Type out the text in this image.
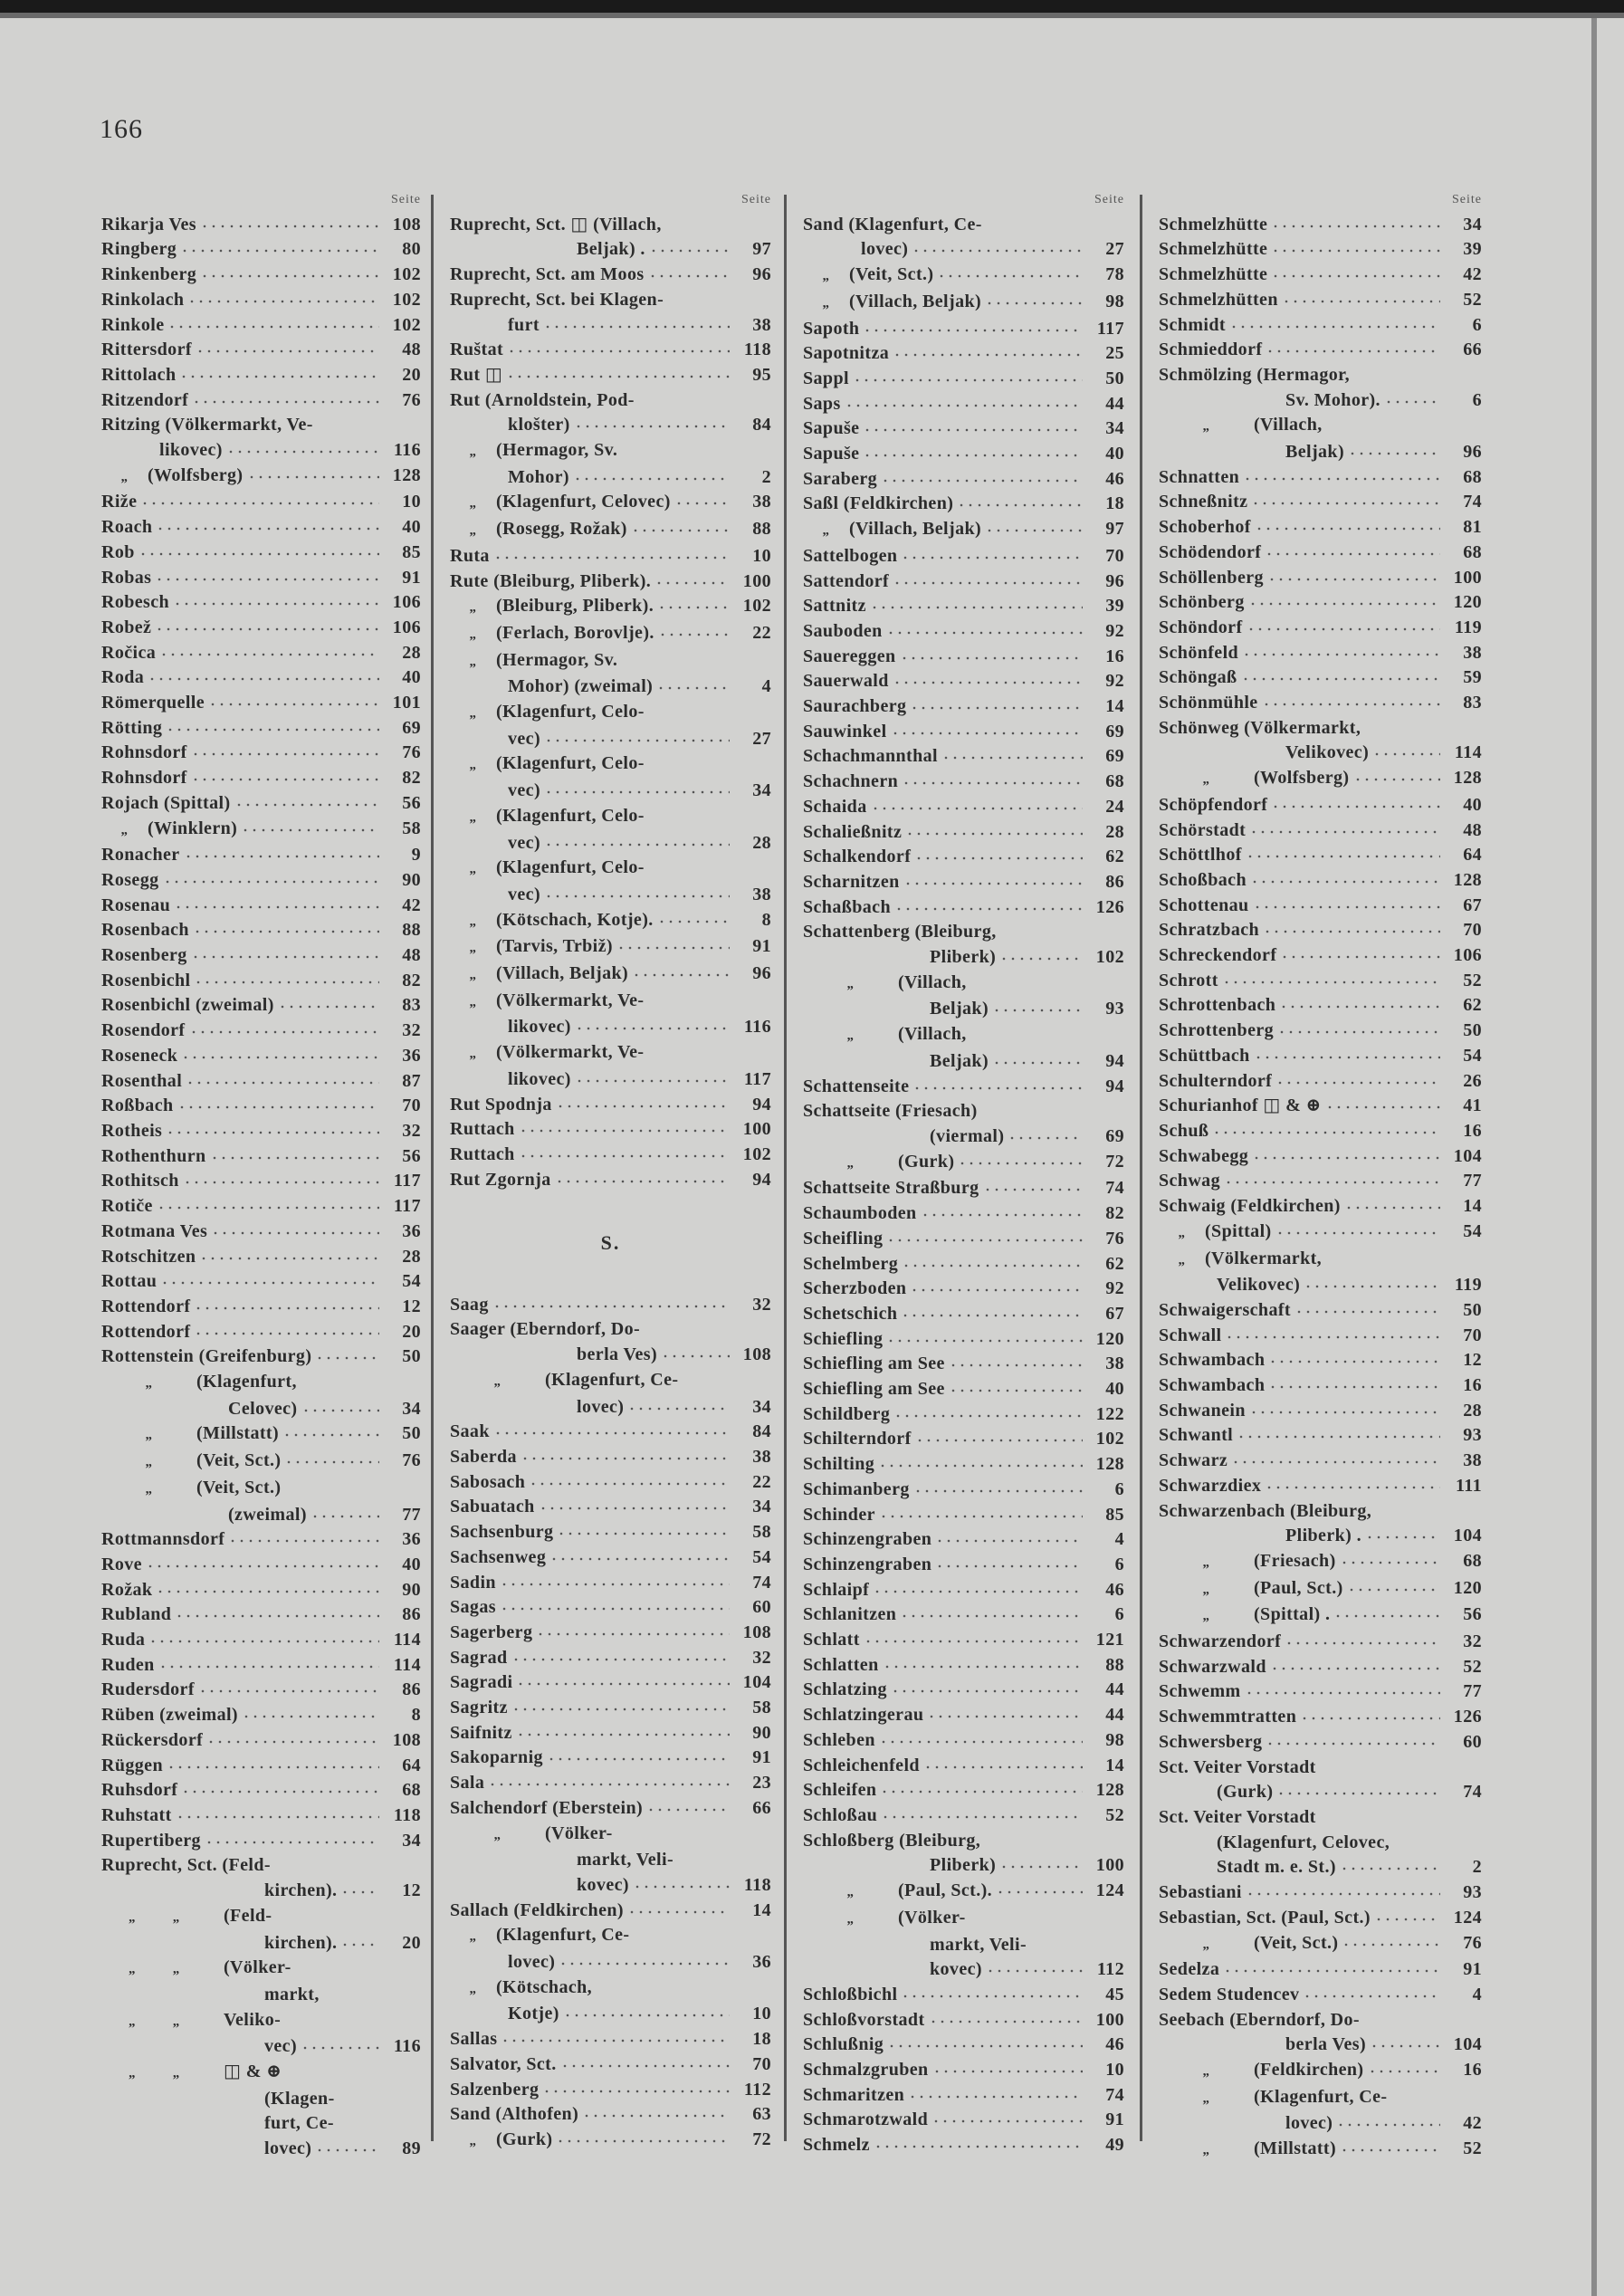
166
Seite
Rikarja Ves	108
Ringberg	80
Rinkenberg	102
Rinkolach	102
Rinkole	102
Rittersdorf	48
Rittolach	20
Ritzendorf	76
Ritzing (Völkermarkt, Ve-
likovec)	116
„	(Wolfsberg)	128
Riže	10
Roach	40
Rob	85
Robas	91
Robesch	106
Robež	106
Ročica	28
Roda	40
Römerquelle	101
Rötting	69
Rohnsdorf	76
Rohnsdorf	82
Rojach (Spittal)	56
„	(Winklern)	58
Ronacher	9
Rosegg	90
Rosenau	42
Rosenbach	88
Rosenberg	48
Rosenbichl	82
Rosenbichl (zweimal)	83
Rosendorf	32
Roseneck	36
Rosenthal	87
Roßbach	70
Rotheis	32
Rothenthurn	56
Rothitsch	117
Rotiče	117
Rotmana Ves	36
Rotschitzen	28
Rottau	54
Rottendorf	12
Rottendorf	20
Rottenstein (Greifenburg)	50
„	(Klagenfurt,
Celovec)	34
„	(Millstatt)	50
„	(Veit, Sct.)	76
„	(Veit, Sct.)
(zweimal)	77
Rottmannsdorf	36
Rove	40
Rožak	90
Rubland	86
Ruda	114
Ruden	114
Rudersdorf	86
Rüben (zweimal)	8
Rückersdorf	108
Rüggen	64
Ruhsdorf	68
Ruhstatt	118
Rupertiberg	34
Ruprecht, Sct. (Feld-
kirchen).	12
„ „	(Feld-
kirchen).	20
„ „	(Völker-
markt,
„ „	Veliko-
vec)	116
„ „	◫ & ⊕
(Klagen-
furt, Ce-
lovec)	89
Seite
Ruprecht, Sct. ◫ (Villach,
Beljak) .	97
Ruprecht, Sct. am Moos	96
Ruprecht, Sct. bei Klagen-
furt	38
Ruštat	118
Rut ◫	95
Rut (Arnoldstein, Pod-
klošter)	84
„	(Hermagor, Sv.
Mohor)	2
„	(Klagenfurt, Celovec)	38
„	(Rosegg, Rožak)	88
Ruta	10
Rute (Bleiburg, Pliberk).	100
„	(Bleiburg, Pliberk).	102
„	(Ferlach, Borovlje).	22
„	(Hermagor, Sv.
Mohor) (zweimal)	4
„	(Klagenfurt, Celo-
vec)	27
„	(Klagenfurt, Celo-
vec)	34
„	(Klagenfurt, Celo-
vec)	28
„	(Klagenfurt, Celo-
vec)	38
„	(Kötschach, Kotje).	8
„	(Tarvis, Trbiž)	91
„	(Villach, Beljak)	96
„	(Völkermarkt, Ve-
likovec)	116
„	(Völkermarkt, Ve-
likovec)	117
Rut Spodnja	94
Ruttach	100
Ruttach	102
Rut Zgornja	94
S.
Saag	32
Saager (Eberndorf, Do-
berla Ves)	108
„	(Klagenfurt, Ce-
lovec)	34
Saak	84
Saberda	38
Sabosach	22
Sabuatach	34
Sachsenburg	58
Sachsenweg	54
Sadin	74
Sagas	60
Sagerberg	108
Sagrad	32
Sagradi	104
Sagritz	58
Saifnitz	90
Sakoparnig	91
Sala	23
Salchendorf (Eberstein)	66
„	(Völker-
markt, Veli-
kovec)	118
Sallach (Feldkirchen)	14
„	(Klagenfurt, Ce-
lovec)	36
„	(Kötschach,
Kotje)	10
Sallas	18
Salvator, Sct.	70
Salzenberg	112
Sand (Althofen)	63
„	(Gurk)	72
Seite
Sand (Klagenfurt, Ce-
lovec)	27
„	(Veit, Sct.)	78
„	(Villach, Beljak)	98
Sapoth	117
Sapotnitza	25
Sappl	50
Saps	44
Sapuše	34
Sapuše	40
Saraberg	46
Saßl (Feldkirchen)	18
„	(Villach, Beljak)	97
Sattelbogen	70
Sattendorf	96
Sattnitz	39
Sauboden	92
Sauereggen	16
Sauerwald	92
Saurachberg	14
Sauwinkel	69
Schachmannthal	69
Schachnern	68
Schaida	24
Schaließnitz	28
Schalkendorf	62
Scharnitzen	86
Schaßbach	126
Schattenberg (Bleiburg,
Pliberk)	102
„	(Villach,
Beljak)	93
„	(Villach,
Beljak)	94
Schattenseite	94
Schattseite (Friesach)
(viermal)	69
„	(Gurk)	72
Schattseite Straßburg	74
Schaumboden	82
Scheifling	76
Schelmberg	62
Scherzboden	92
Schetschich	67
Schiefling	120
Schiefling am See	38
Schiefling am See	40
Schildberg	122
Schilterndorf	102
Schilting	128
Schimanberg	6
Schinder	85
Schinzengraben	4
Schinzengraben	6
Schlaipf	46
Schlanitzen	6
Schlatt	121
Schlatten	88
Schlatzing	44
Schlatzingerau	44
Schleben	98
Schleichenfeld	14
Schleifen	128
Schloßau	52
Schloßberg (Bleiburg,
Pliberk)	100
„	(Paul, Sct.).	124
„	(Völker-
markt, Veli-
kovec)	112
Schloßbichl	45
Schloßvorstadt	100
Schlußnig	46
Schmalzgruben	10
Schmaritzen	74
Schmarotzwald	91
Schmelz	49
Seite
Schmelzhütte	34
Schmelzhütte	39
Schmelzhütte	42
Schmelzhütten	52
Schmidt	6
Schmieddorf	66
Schmölzing (Hermagor,
Sv. Mohor).	6
„	(Villach,
Beljak)	96
Schnatten	68
Schneßnitz	74
Schoberhof	81
Schödendorf	68
Schöllenberg	100
Schönberg	120
Schöndorf	119
Schönfeld	38
Schöngaß	59
Schönmühle	83
Schönweg (Völkermarkt,
Velikovec)	114
„	(Wolfsberg)	128
Schöpfendorf	40
Schörstadt	48
Schöttlhof	64
Schoßbach	128
Schottenau	67
Schratzbach	70
Schreckendorf	106
Schrott	52
Schrottenbach	62
Schrottenberg	50
Schüttbach	54
Schulterndorf	26
Schurianhof ◫ & ⊕	41
Schuß	16
Schwabegg	104
Schwag	77
Schwaig (Feldkirchen)	14
„	(Spittal)	54
„	(Völkermarkt,
Velikovec)	119
Schwaigerschaft	50
Schwall	70
Schwambach	12
Schwambach	16
Schwanein	28
Schwantl	93
Schwarz	38
Schwarzdiex	111
Schwarzenbach (Bleiburg,
Pliberk) .	104
„	(Friesach)	68
„	(Paul, Sct.)	120
„	(Spittal) .	56
Schwarzendorf	32
Schwarzwald	52
Schwemm	77
Schwemmtratten	126
Schwersberg	60
Sct. Veiter Vorstadt
(Gurk)	74
Sct. Veiter Vorstadt
(Klagenfurt, Celovec,
Stadt m. e. St.)	2
Sebastiani	93
Sebastian, Sct. (Paul, Sct.)	124
„	(Veit, Sct.)	76
Sedelza	91
Sedem Studencev	4
Seebach (Eberndorf, Do-
berla Ves)	104
„	(Feldkirchen)	16
„	(Klagenfurt, Ce-
lovec)	42
„	(Millstatt)	52
